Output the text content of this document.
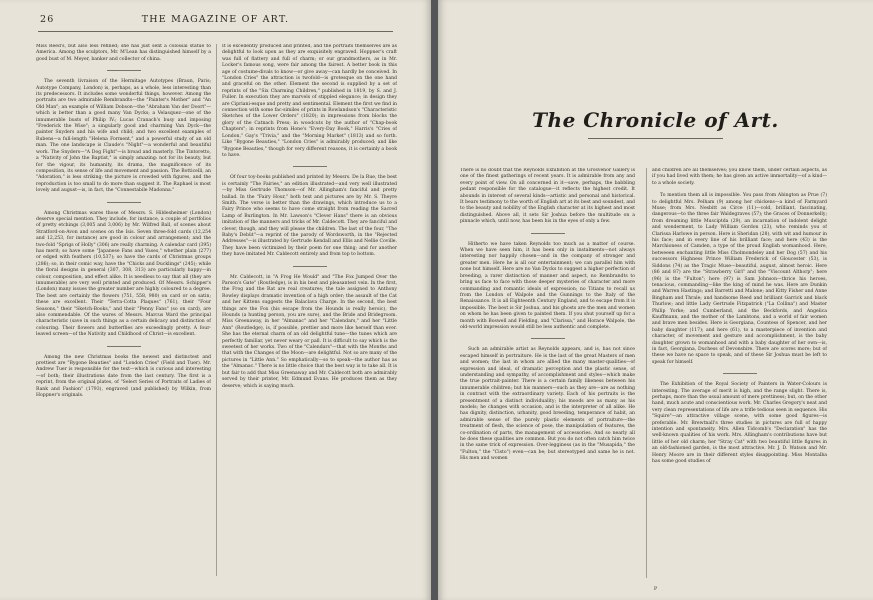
26	THE MAGAZINE OF ART.

Miss Reed's, but also less refined; she has just sent a colossal statue to America. Among the sculptors, Mr. M'Lean has distinguished himself by a good bust of M. Meyer, banker and collector of china.

The seventh livraison of the Hermitage Autotypes (Braun, Paris; Autotype Company, London) is, perhaps, as a whole, less interesting than its predecessors. It includes some wonderful things, however. Among the portraits are two admirable Rembrandts—the "Painter's Mother" and "An Old Man"; an example of William Dobson—the "Abraham Van der Doort"—which is better than a good many Van Dycks; a Velasquez—one of the innumerable busts of Philip IV.; Lucas Cranach's busy and imposing "Frederick the Wise"; a singularly good and charming Van Dyck—the painter Snyders and his wife and child; and two excellent examples of Rubens—a full-length "Helena Forment," and a powerful study of an old man. The one landscape is Claude's "Night"—a wonderful and beautiful work. The Snyders—"A Dog Fight"—is broad and masterly. The Tintoretto, a "Nativity of John the Baptist," is simply amazing: not for its beauty, but for the vigour, its humanity, its drama, the magnificence of its composition, its sense of life and movement and passion. The Botticelli, an "Adoration," is less striking; the picture is crowded with figures, and the reproduction is too small to do more than suggest it. The Raphael is most lovely and august—is, in fact, the "Connestabile Madonna."

Among Christmas wares those of Messrs. S. Hildesheimer (London) deserve special mention. They include, for instance, a couple of portfolios of pretty etchings (3,005 and 3,006) by Mr. Wilfred Ball, of scenes about Stratford-on-Avon and scenes on the Isis. Seven three-fold cards (12,254 and 12,253, for instance) are good in colour and arrangement; and the two-fold "Sprigs of Holly" (306) are really charming. A calendar card (395) has merit; so have some "Japanese Fans and Vases," whether plain (277) or edged with feathers (10,537); so have the cards of Christmas groups (286); so, in their comic way, have the "Chicks and Ducklings" (245); while the floral designs in general (307, 308, 313) are particularly happy—in colour, composition, and effect alike. It is needless to say that all (they are innumerable) are very well printed and produced. Of Messrs. Schipper's (London) many issues the greater number are highly coloured to a degree. The best are certainly the flowers (751, 558, 980) on card or on satin; these are excellent. Their "Terra-Cotta Plaques" (761), their "Four Seasons," their "Sketch-Books," and their "Penny Fans" (so on card), are also commendable. Of the wares of Messrs. Marcus Ward the principal characteristic (save in such things as a certain delicacy and distinction of colouring. Their flowers and butterflies are exceedingly pretty. A four-leaved screen—of the Nativity and Childhood of Christ—is excellent.

Among the new Christmas books the newest and distinctest and prettiest are "Bygone Beauties" and "London Cries" (Field and Tuer). Mr. Andrew Tuer is responsible for the text—which is curious and interesting—of both; their illustrations date from the last century. The first is a reprint, from the original plates, of "Select Series of Portraits of Ladies of Rank and Fashion" (1793), engraved (and published) by Wilkin, from Hoppner's originals.

It is excellently produced and printed, and the portraits themselves are as delightful to look upon as they are exquisitely engraved. Hoppner's craft was full of flattery and full of charm; or our grandmothers, as in Mr. Locker's famous song, were fair among the fairest. A better book in this age of costume-divals to know—or give away—can hardly be conceived. In "London Cries" the attraction is twofold—is grotesque on the one hand and graceful on the other. Element the second is supplied by a set of reprints of the "Six Charming Children," published in 1819, by S. and J. Fuller. In execution they are marvels of stippled elegance; in design they are Cipriani-esque and pretty and sentimental. Element the first we find in connection with some fac-similes of prints in Rowlandson's "Characteristic Sketches of the Lower Orders" (1820); in impressions from blocks the glory of the Catnach Press; in woodcuts by the author of "Chap-book Chapters"; in reprints from Hone's "Every-Day Book," Harris's "Cries of London," Gay's "Trivia," and the "Morning Market" (1813) and so forth. Like "Bygone Beauties," "London Cries" is admirably produced; and like "Bygone Beauties," though for very different reasons, it is certainly a book to have.

Of four toy-books published and printed by Messrs. De la Rue, the best is certainly "The Fairies," an edition illustrated—and very well illustrated—by Miss Gertrude Thomson—of Mr. Allingham's fanciful and pretty ballad. In the "Fairy Hour," both text and pictures are by Mr. S. Theyre Smith. The verse is better than the drawings, which introduce us to a Fairy Prince who seems to have come straight from reading the Sacred Lamp of Burlington. In Mr. Lawson's "Clever Hans" there is an obvious imitation of the manners and tricks of Mr. Caldecott. They are fanciful and clever, though, and they will please the children. The last of the four, "The Baby's Debüt"—a reprint of the parody of Wordsworth, in the "Rejected Addresses"—is illustrated by Gertrude Kendall and Ellis and Nellie Coville. They have been victimized by their poem for one thing; and for another they have imitated Mr. Caldecott entirely and from top to bottom.

Mr. Caldecott, in "A Frog He Would" and "The Fox Jumped Over the Parson's Gate" (Routledge), is in his best and pleasantest vein. In the first, the Frog and the Rat are real creatures; the tale assigned to Anthony Rowley displays dramatic invention of a high order; the assault of the Cat and her Kittens suggests the Balaclava Charge. In the second, the best things are the Fox (his escape from the Hounds is really heroic), the Hounds (a hunting person, you are sure), and the Bride and Bridegroom. Miss Greenaway, in her "Almanac" and her "Calendars," and her "Little Ann" (Routledge), is, if possible, prettier and more like herself than ever. She has the eternal charm of an old delightful tune—the tunes which are perfectly familiar, yet never weary or pall. It is difficult to say which is the sweetest of her works. Two of the "Calendars"—that with the Months and that with the Changes of the Moon—are delightful. Not so are many of the pictures in "Little Ann." So emphatically—so to speak—the author has as the "Almanac." There is no little choice that the best way is to take all. It is but fair to add that Miss Greenaway and Mr. Caldecott both are admirably served by their printer, Mr. Edmund Evans. He produces them as they deserve; which is saying much.

The Chronicle of Art.

There is no doubt that the Reynolds Exhibition at the Grosvenor Gallery is one of the finest gatherings of recent years. It is admirable from any and every point of view. On all concerned in it—save, perhaps, the babbling pedant responsible for the catalogue—it reflects the highest credit. It abounds in interest of several kinds—artistic and personal and historical. It bears testimony to the worth of English art at its best and soundest, and to the beauty and nobility of the English character at its highest and most distinguished. Above all, it sets Sir Joshua before the multitude on a pinnacle which, until now, has been his in the eyes of only a few.

Hitherto we have taken Reynolds too much as a matter of course. When we have seen him, it has been only in instalments—not always interesting nor happily chosen—and in the company of stronger and greater men. Here he is all our entertainment; we can parallel him with none but himself. Here are no Van Dycks to suggest a higher perfection of breeding, a rarer distinction of manner and aspect, no Rembrandts to bring us face to face with those deeper mysteries of character and more commanding and romantic ideals of expression; no Titians to recall us from the London of Walpole and the Gunnings to the Italy of the Renaissance. It is all Eighteenth Century England, and to escape from it is impossible. The best is Sir Joshua, and his ghosts are the men and women on whom he has been given to painted them. If you shut yourself up for a month with Boswell and Fielding, and "Clarissa," and Horace Walpole, the old-world impression would still be less authentic and complete.

Such an admirable artist as Reynolds appears, and is, has not since escaped himself in portraiture. He is the last of the great Masters of men and women; the last in whom are allied the many master-qualities—of expression and ideal, of dramatic perception and the plastic sense, of understanding and sympathy, of accomplishment and styles—which make the true portrait-painter. There is a certain family likeness between his innumerable children; but his manners—such as they are—are as nothing in contrast with the extraordinary variety. Each of his portraits is the presentment of a distinct individuality; his moods are as many as his models; he changes with occasion, and is the interpreter of all alike. He has dignity, distinction, urbanity, good breeding, temperance of habit, an admirable sense of the purely plastic elements of portraiture—the treatment of flesh, the science of pose, the manipulation of features, the co-ordination of parts, the management of accessories. And so nearly all he does these qualities are common. But you do not often catch him twice in the same trick of expression. Over-legginess (as in the "Musapida," the "Fulton," the "Cisto") even—can be; but stereotyped and same he is not. His men and women

and children are all themselves; you know them, under certain aspects, as if you had lived with them; he has given an active immortality—of a kind—to a whole society.

To mention them all is impossible. You pass from Abington as Prue (7) to delightful Mrs. Pelham (9) among her chickens—a kind of Farmyard Muse; from Mrs. Nesbitt as Circe (11)—cold, brilliant, fascinating, dangerous—to the three fair Waldegraves (57); the Graces of Donnerkelly; from dreaming little Musciptda (29), an incarnation of indolent delight and wonderment, to Lady William Gordon (23), who reminds you of Clarissa Harlowe in person. Here is Sheridan (28), with wit and humour in his face; and in every line of his brilliant face; and here (43) is the Marchioness of Camden, a type of the proud English womanhood. Here, betweeen enchanting little Miss Cholmondeley and her Dog (57) and his successors Highness Prince William Frederick of Gloucester (53), is Siddons (74) as the Tragic Muse—beautiful, august, almost heroic. Here (86 and 87) are the "Strawberry Girl" and the "Viscount Althorp"; here (96) is the "Fulton"; here (97) is Sam Johnson—thrice his heroes, tenacious, commanding—like the king of mind he was. Here are Dunkin and Warren Hastings; and Barretti and Malone; and Kitty Fisher and Anne Bingham and Thrale; and handsome Reed and brilliant Garrick and black Thurlow; and little Lady Gertrude Fitzpatrick ("La Collina") and Master Philip Yorke; and Cumberland, and the Beckfords, and Angelica Kauffmann, and the mother of the Lambtons, and a world of fair women and brave men besides. Here is Georgiana, Countess of Spencer, and her baby daughter (117); and here (61), to a masterpiece of invention and character, of movement and gesture and accomplishment, is the baby daughter grown to womanhood and with a baby daughter of her own—is, in fact, Georgiana, Duchess of Devonshire. There are scores more; but of these we have no space to speak, and of these Sir Joshua must be left to speak for himself.

The Exhibition of the Royal Society of Painters in Water-Colours is interesting. The average of merit is high, and the range slight. There is, perhaps, more than the usual amount of mere prettiness; but, on the other hand, much acute and conscientious work. Mr. Charles Gregory's neat and very clean representations of life are a trifle tedious seen in sequence. His "Squire"—an attractive village scene, with some good figures—is preferable. Mr. Brewtnall's three studies in pictures are full of happy intention and spontaneity. Mrs. Allen Tidcomb's "Declaration" has the well-known qualities of his work. Mrs. Allingham's contributions have but little of her old charm; her "Stray Cat" with two beautiful little figures in an old-fashioned garden, is the most attractive. Mr. J. D. Watson and Mr. Henry Moore are in their different styles disappointing. Miss Montalba has some good studies of

P
